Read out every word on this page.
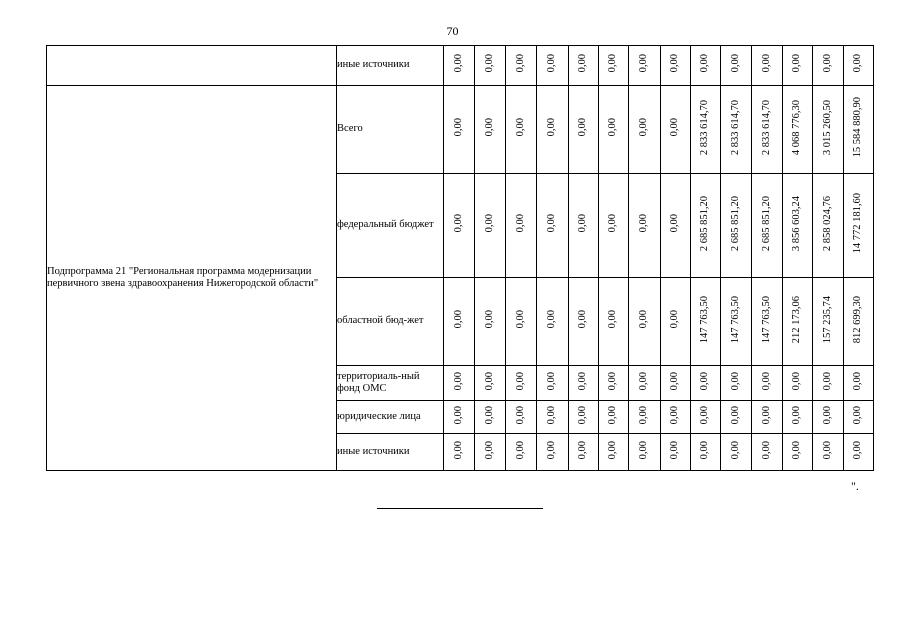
70
	иные источники	0,00	0,00	0,00	0,00	0,00	0,00	0,00	0,00	0,00	0,00	0,00	0,00	0,00	0,00
Подпрограмма 21 "Региональная программа модернизации первичного звена здравоохранения Нижегородской области"	Всего	0,00	0,00	0,00	0,00	0,00	0,00	0,00	0,00	2 833 614,70	2 833 614,70	2 833 614,70	4 068 776,30	3 015 260,50	15 584 880,90
	федеральный бюджет	0,00	0,00	0,00	0,00	0,00	0,00	0,00	0,00	2 685 851,20	2 685 851,20	2 685 851,20	3 856 603,24	2 858 024,76	14 772 181,60
	областной бюд-жет	0,00	0,00	0,00	0,00	0,00	0,00	0,00	0,00	147 763,50	147 763,50	147 763,50	212 173,06	157 235,74	812 699,30
	территориаль-ный фонд ОМС	0,00	0,00	0,00	0,00	0,00	0,00	0,00	0,00	0,00	0,00	0,00	0,00	0,00	0,00
	юридические лица	0,00	0,00	0,00	0,00	0,00	0,00	0,00	0,00	0,00	0,00	0,00	0,00	0,00	0,00
	иные источники	0,00	0,00	0,00	0,00	0,00	0,00	0,00	0,00	0,00	0,00	0,00	0,00	0,00	0,00
".
